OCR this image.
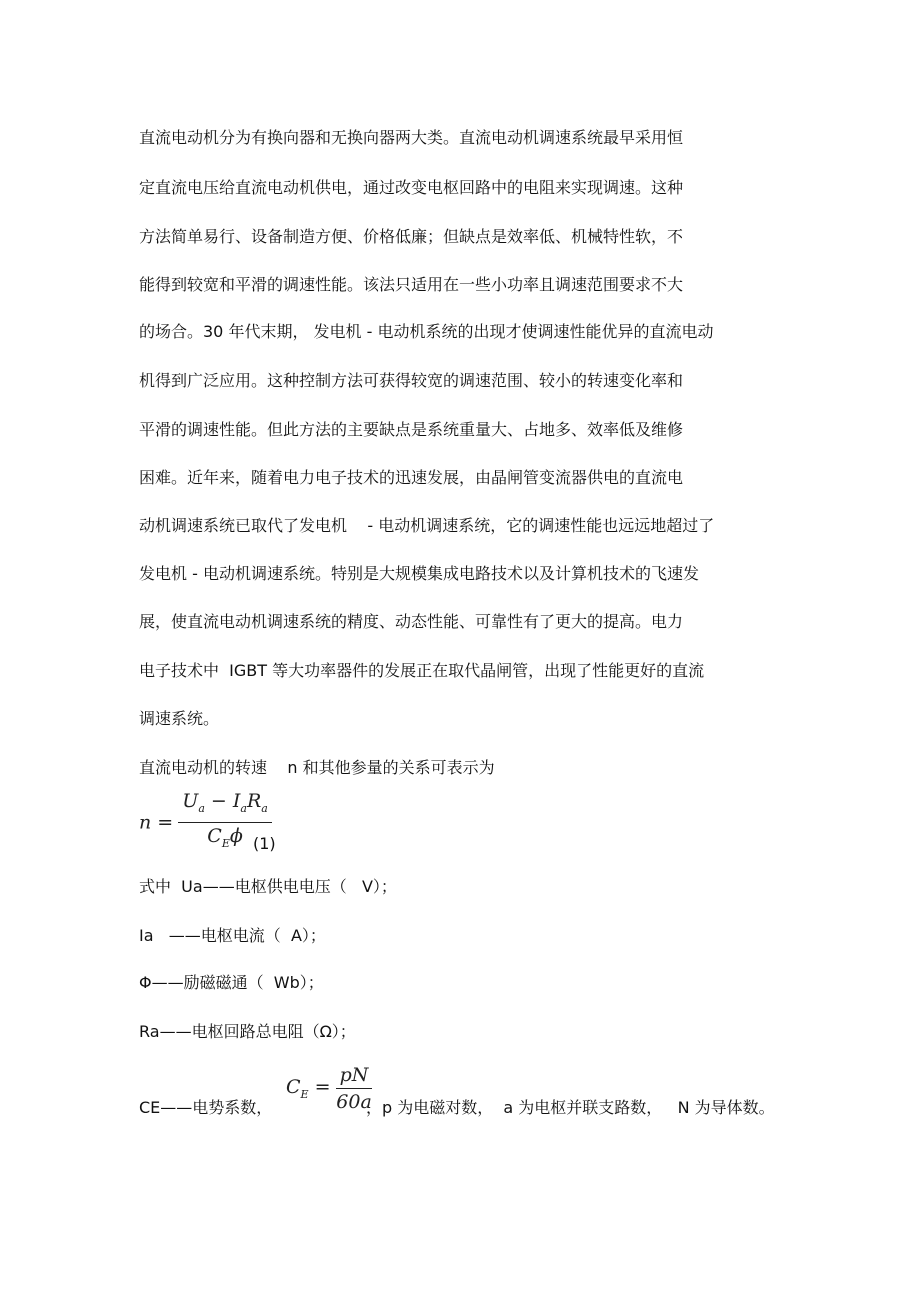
直流电动机分为有换向器和无换向器两大类。直流电动机调速系统最早采用恒
定直流电压给直流电动机供电，通过改变电枢回路中的电阻来实现调速。这种
方法简单易行、设备制造方便、价格低廉；但缺点是效率低、机械特性软，不
能得到较宽和平滑的调速性能。该法只适用在一些小功率且调速范围要求不大
的场合。30 年代末期， 发电机 - 电动机系统的出现才使调速性能优异的直流电动
机得到广泛应用。这种控制方法可获得较宽的调速范围、较小的转速变化率和
平滑的调速性能。但此方法的主要缺点是系统重量大、占地多、效率低及维修
困难。近年来，随着电力电子技术的迅速发展，由晶闸管变流器供电的直流电
动机调速系统已取代了发电机    - 电动机调速系统，它的调速性能也远远地超过了
发电机 - 电动机调速系统。特别是大规模集成电路技术以及计算机技术的飞速发
展，使直流电动机调速系统的精度、动态性能、可靠性有了更大的提高。电力
电子技术中  IGBT 等大功率器件的发展正在取代晶闸管，出现了性能更好的直流
调速系统。
直流电动机的转速    n 和其他参量的关系可表示为
$n = \frac{U_a - I_aR_a}{C_E\phi}$
(1)
式中  Ua——电枢供电电压（   V）；
Ia   ——电枢电流（  A）；
Φ——励磁磁通（  Wb）；
Ra——电枢回路总电阻（Ω）；
CE——电势系数，
$C_E = \frac{pN}{60a}$
，p 为电磁对数，  a 为电枢并联支路数，   N 为导体数。
